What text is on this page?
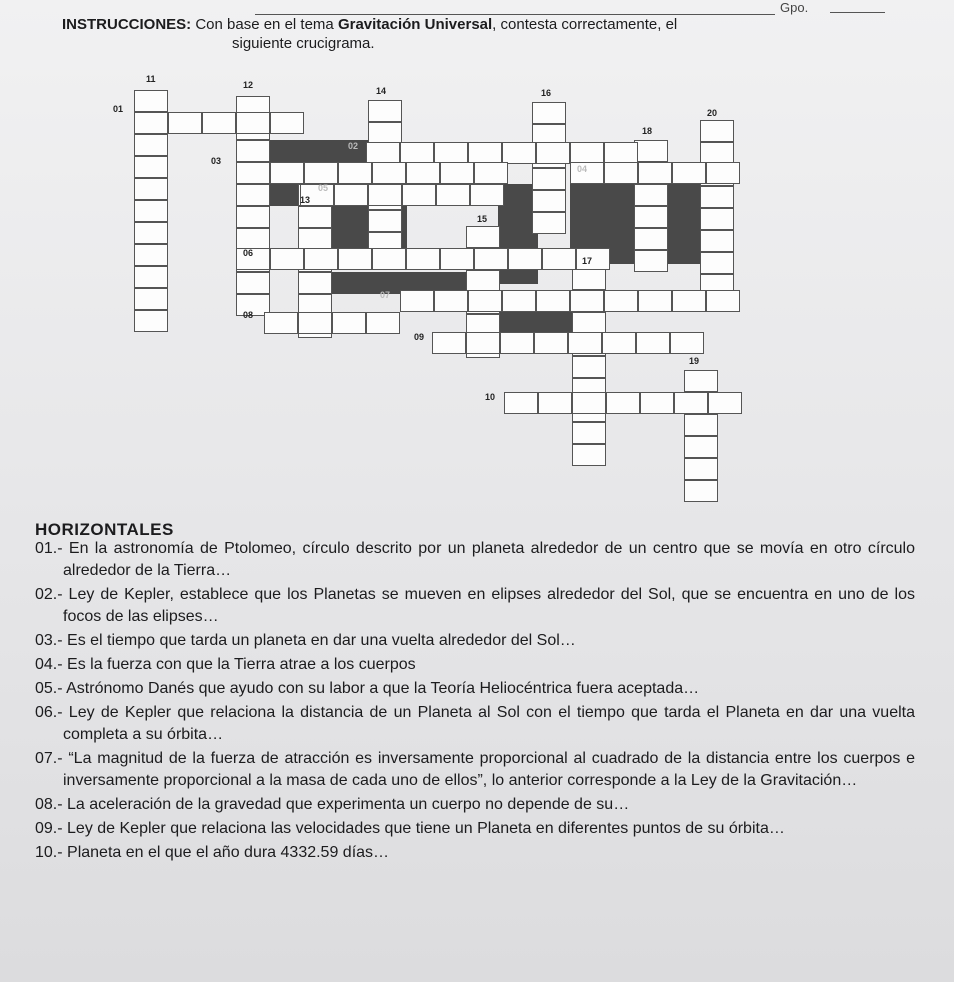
Gpo.
INSTRUCCIONES: Con base en el tema Gravitación Universal, contesta correctamente, el
siguiente crucigrama.
11
12
14	16
01	20
18
02
03
04
05
13
15
06
17
07
08
09
19
10
HORIZONTALES

01.- En la astronomía de Ptolomeo, círculo descrito por un planeta alrededor de un centro que se movía en otro círculo alrededor de la Tierra…

02.- Ley de Kepler, establece que los Planetas se mueven en elipses alrededor del Sol, que se encuentra en uno de los focos de las elipses…

03.- Es el tiempo que tarda un planeta en dar una vuelta alrededor del Sol…

04.- Es la fuerza con que la Tierra atrae a los cuerpos

05.- Astrónomo Danés que ayudo con su labor a que la Teoría Heliocéntrica fuera aceptada…

06.- Ley de Kepler que relaciona la distancia de un Planeta al Sol con el tiempo que tarda el Planeta en dar una vuelta completa a su órbita…

07.- “La magnitud de la fuerza de atracción es inversamente proporcional al cuadrado de la distancia entre los cuerpos e inversamente proporcional a la masa de cada uno de ellos”, lo anterior corresponde a la Ley de la Gravitación…

08.- La aceleración de la gravedad que experimenta un cuerpo no depende de su…

09.- Ley de Kepler que relaciona las velocidades que tiene un Planeta en diferentes puntos de su órbita…

10.- Planeta en el que el año dura 4332.59 días…
